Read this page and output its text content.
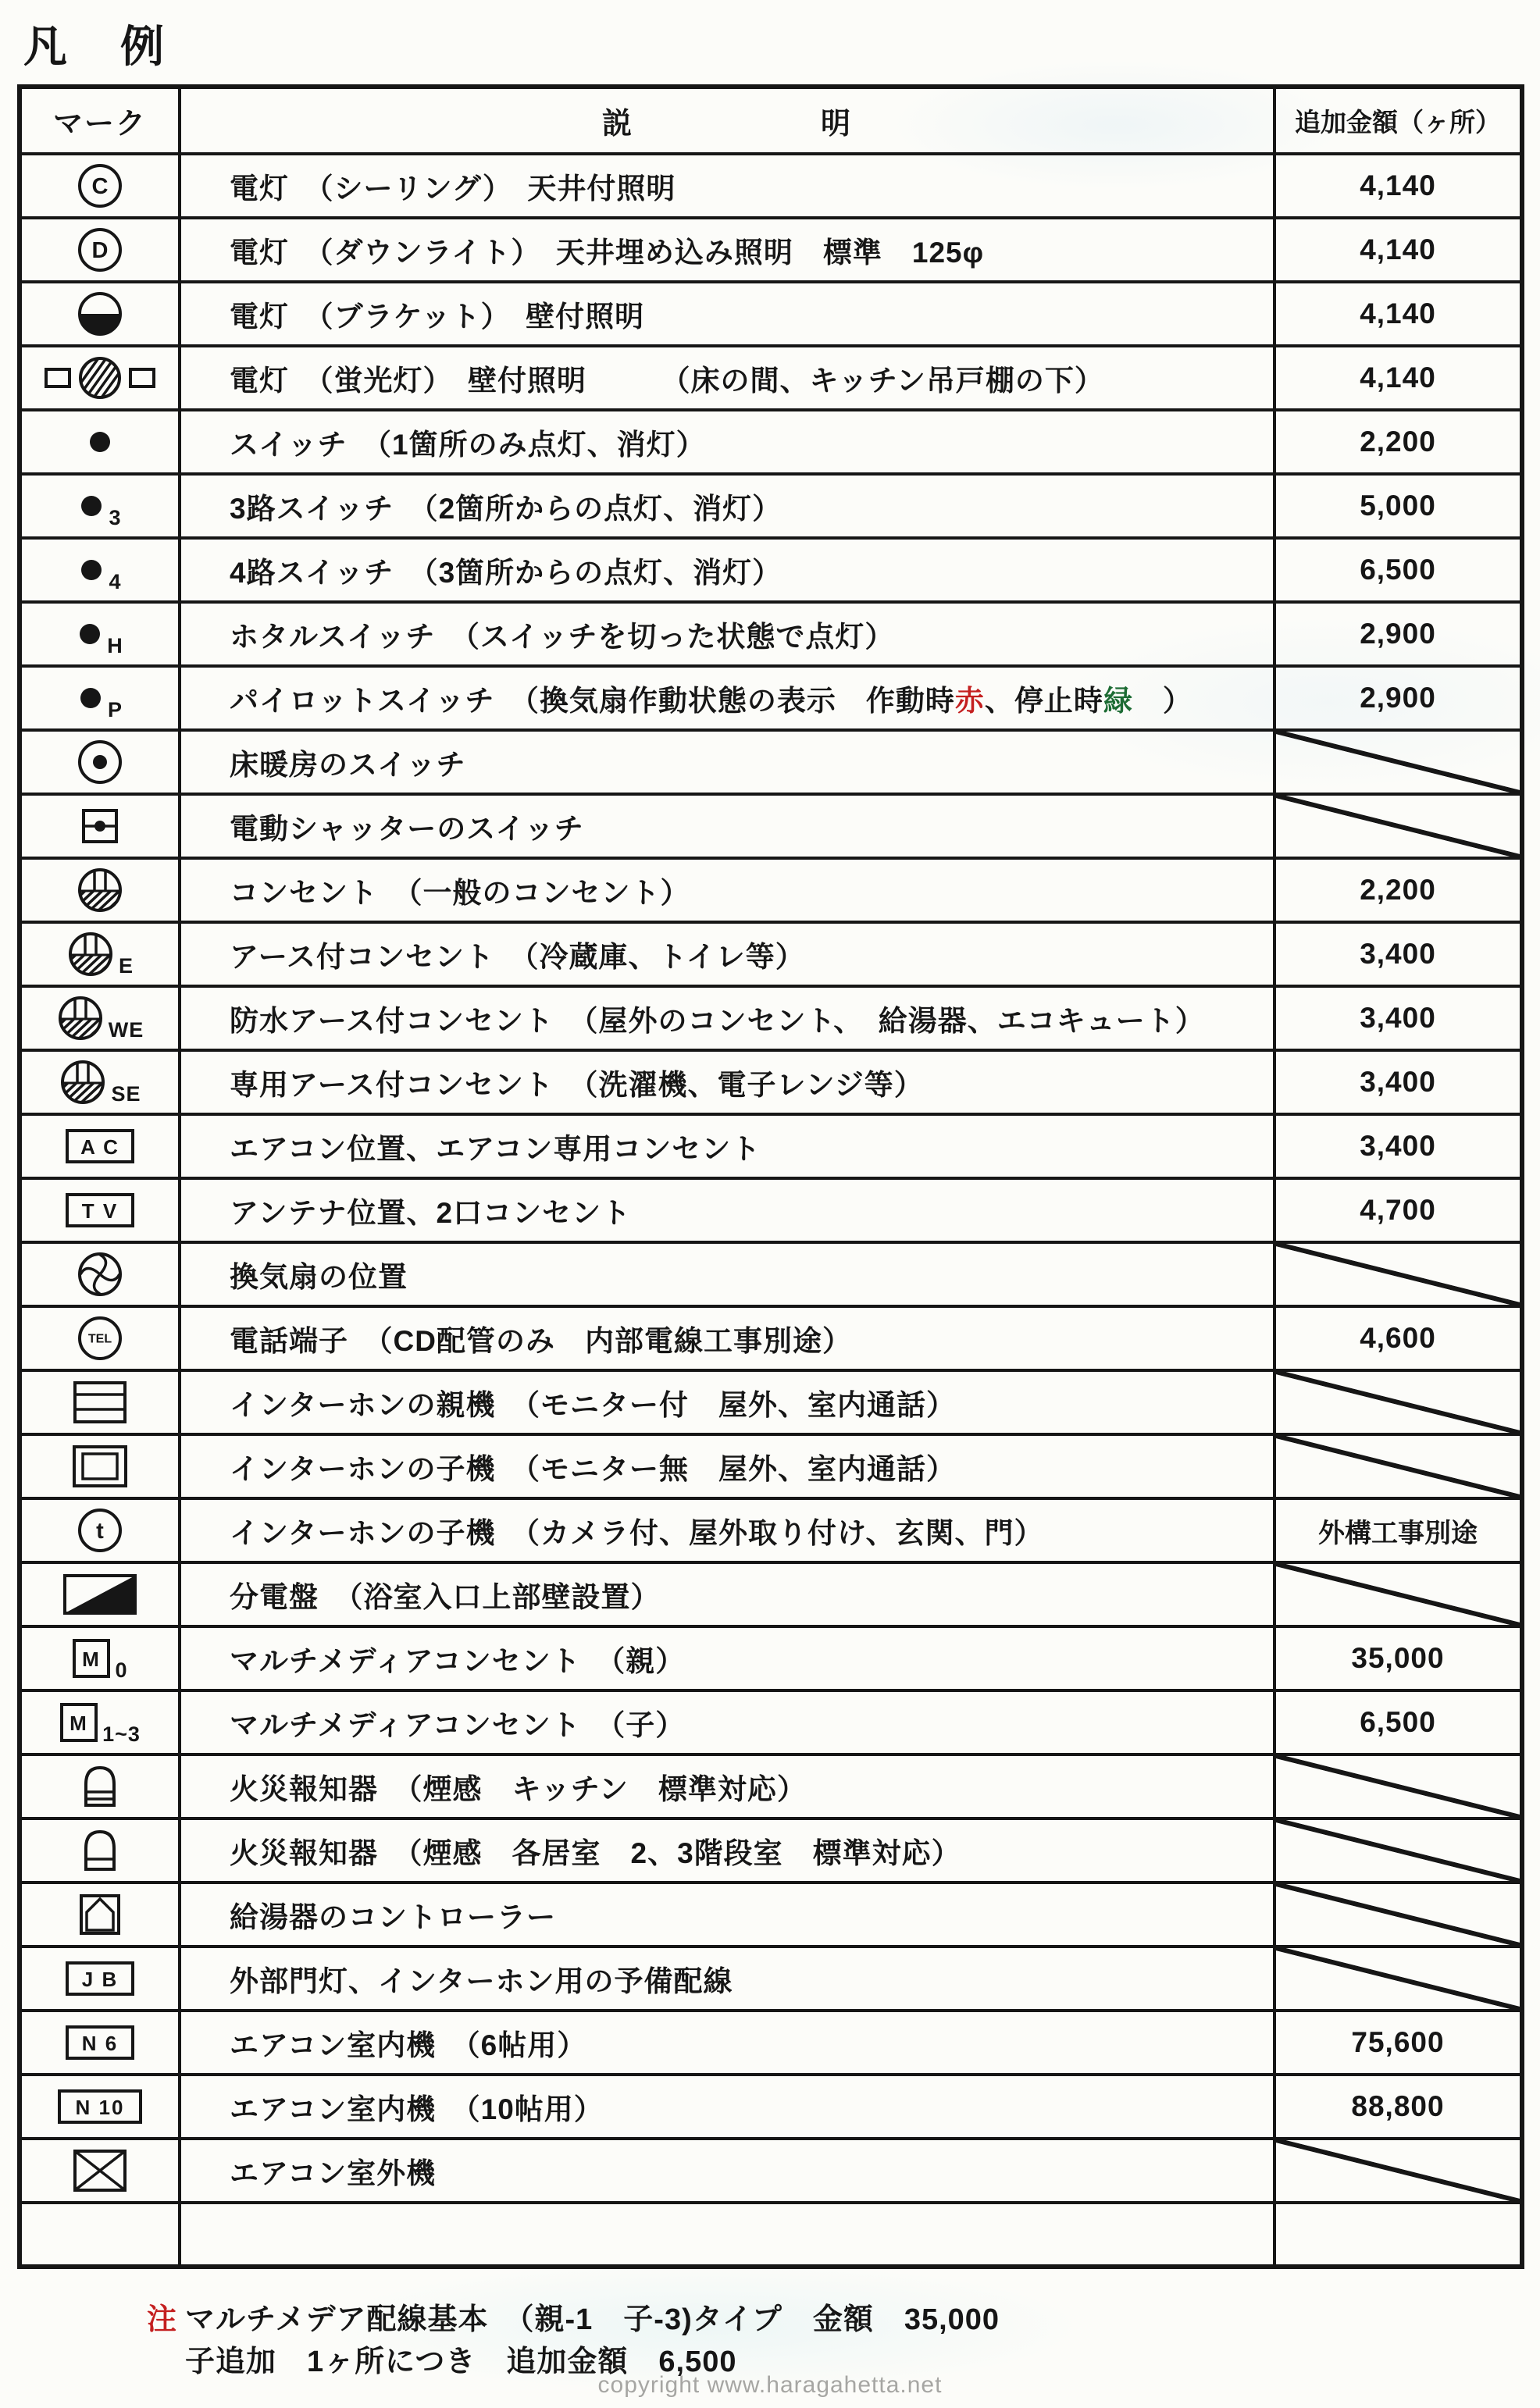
凡　例
マーク	説　　　　　　明	追加金額（ヶ所）

C	電灯　（シーリング）　天井付照明	4,140

D	電灯　（ダウンライト）　天井埋め込み照明　標準　125φ	4,140

	電灯　（ブラケット）　壁付照明	4,140

	電灯　（蛍光灯）　壁付照明　　　（床の間、キッチン吊戸棚の下）	4,140

	スイッチ　（1箇所のみ点灯、消灯）	2,200

3	3路スイッチ　（2箇所からの点灯、消灯）	5,000

4	4路スイッチ　（3箇所からの点灯、消灯）	6,500

H	ホタルスイッチ　（スイッチを切った状態で点灯）	2,900

P	パイロットスイッチ　（換気扇作動状態の表示　作動時赤、停止時緑　）	2,900

	床暖房のスイッチ	

	電動シャッターのスイッチ	

	コンセント　（一般のコンセント）	2,200

E	アース付コンセント　（冷蔵庫、トイレ等）	3,400

WE	防水アース付コンセント　（屋外のコンセント、　給湯器、エコキュート）	3,400

SE	専用アース付コンセント　（洗濯機、電子レンジ等）	3,400

A C	エアコン位置、エアコン専用コンセント	3,400

T V	アンテナ位置、2口コンセント	4,700

	換気扇の位置	

TEL	電話端子　（CD配管のみ　内部電線工事別途）	4,600

	インターホンの親機　（モニター付　屋外、室内通話）	

	インターホンの子機　（モニター無　屋外、室内通話）	

t	インターホンの子機　（カメラ付、屋外取り付け、玄関、門）	外構工事別途

	分電盤　（浴室入口上部壁設置）	

M 0	マルチメディアコンセント　（親）	35,000

M 1~3	マルチメディアコンセント　（子）	6,500

	火災報知器　（煙感　キッチン　標準対応）	

	火災報知器　（煙感　各居室　2、3階段室　標準対応）	

	給湯器のコントローラー	

J B	外部門灯、インターホン用の予備配線	

N 6	エアコン室内機　（6帖用）	75,600

N 10	エアコン室内機　（10帖用）	88,800

	エアコン室外機	

注 マルチメデア配線基本　（親-1　子-3)タイプ　金額　35,000
子追加　1ヶ所につき　追加金額　6,500
copyright www.haragahetta.net
